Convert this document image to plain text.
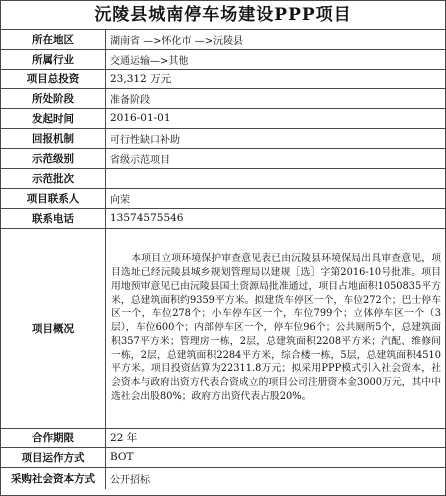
沅陵县城南停车场建设PPP项目
所在地区	湖南省 —>怀化市 —>沅陵县
所属行业	交通运输—>其他
项目总投资	23,312 万元
所处阶段	准备阶段
发起时间	2016-01-01
回报机制	可行性缺口补助
示范级别	省级示范项目
示范批次	
项目联系人	向荣
联系电话	13574575546
项目概况	本项目立项环境保护审查意见表已由沅陵县环境保局出具审查意见，项目选址已经沅陵县城乡规划管理局以建规［选］字第2016-10号批准。项目用地预审意见已由沅陵县国土资源局批准通过，项目占地面积1050835平方米，总建筑面积约9359平方米。拟建货车停区一个，车位272个；巴士停车区一个，车位278个；小车停车区一个，车位799个；立体停车区一个（3层），车位600个；内部停车区一个，停车位96个；公共厕所5个，总建筑面积357平方米；管理房一栋，2层，总建筑面积2208平方米；汽配、维修间一栋，2层，总建筑面积2284平方米，综合楼一栋，5层，总建筑面积4510平方米。项目投资估算为22311.8万元；拟采用PPP模式引入社会资本，社会资本与政府出资方代表合资成立的项目公司注册资本金3000万元，其中中选社会出股80%；政府方出资代表占股20%。
合作期限	22 年
项目运作方式	BOT
采购社会资本方式	公开招标
